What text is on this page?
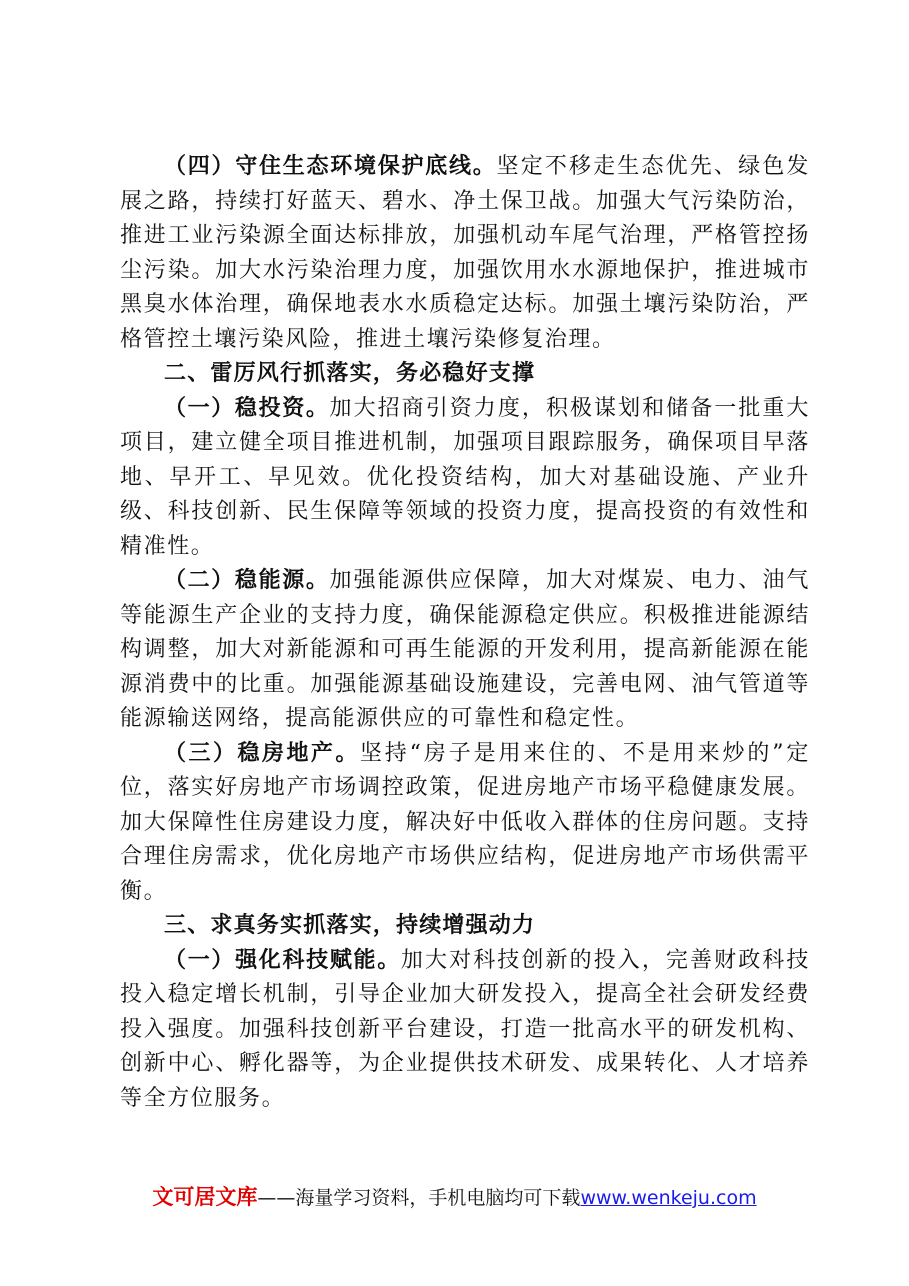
（四）守住生态环境保护底线。坚定不移走生态优先、绿色发展之路，持续打好蓝天、碧水、净土保卫战。加强大气污染防治，推进工业污染源全面达标排放，加强机动车尾气治理，严格管控扬尘污染。加大水污染治理力度，加强饮用水水源地保护，推进城市黑臭水体治理，确保地表水水质稳定达标。加强土壤污染防治，严格管控土壤污染风险，推进土壤污染修复治理。

二、雷厉风行抓落实，务必稳好支撑

（一）稳投资。加大招商引资力度，积极谋划和储备一批重大项目，建立健全项目推进机制，加强项目跟踪服务，确保项目早落地、早开工、早见效。优化投资结构，加大对基础设施、产业升级、科技创新、民生保障等领域的投资力度，提高投资的有效性和精准性。

（二）稳能源。加强能源供应保障，加大对煤炭、电力、油气等能源生产企业的支持力度，确保能源稳定供应。积极推进能源结构调整，加大对新能源和可再生能源的开发利用，提高新能源在能源消费中的比重。加强能源基础设施建设，完善电网、油气管道等能源输送网络，提高能源供应的可靠性和稳定性。

（三）稳房地产。坚持“房子是用来住的、不是用来炒的”定位，落实好房地产市场调控政策，促进房地产市场平稳健康发展。加大保障性住房建设力度，解决好中低收入群体的住房问题。支持合理住房需求，优化房地产市场供应结构，促进房地产市场供需平衡。

三、求真务实抓落实，持续增强动力

（一）强化科技赋能。加大对科技创新的投入，完善财政科技投入稳定增长机制，引导企业加大研发投入，提高全社会研发经费投入强度。加强科技创新平台建设，打造一批高水平的研发机构、创新中心、孵化器等，为企业提供技术研发、成果转化、人才培养等全方位服务。

文可居文库——海量学习资料，手机电脑均可下载www.wenkeju.com
